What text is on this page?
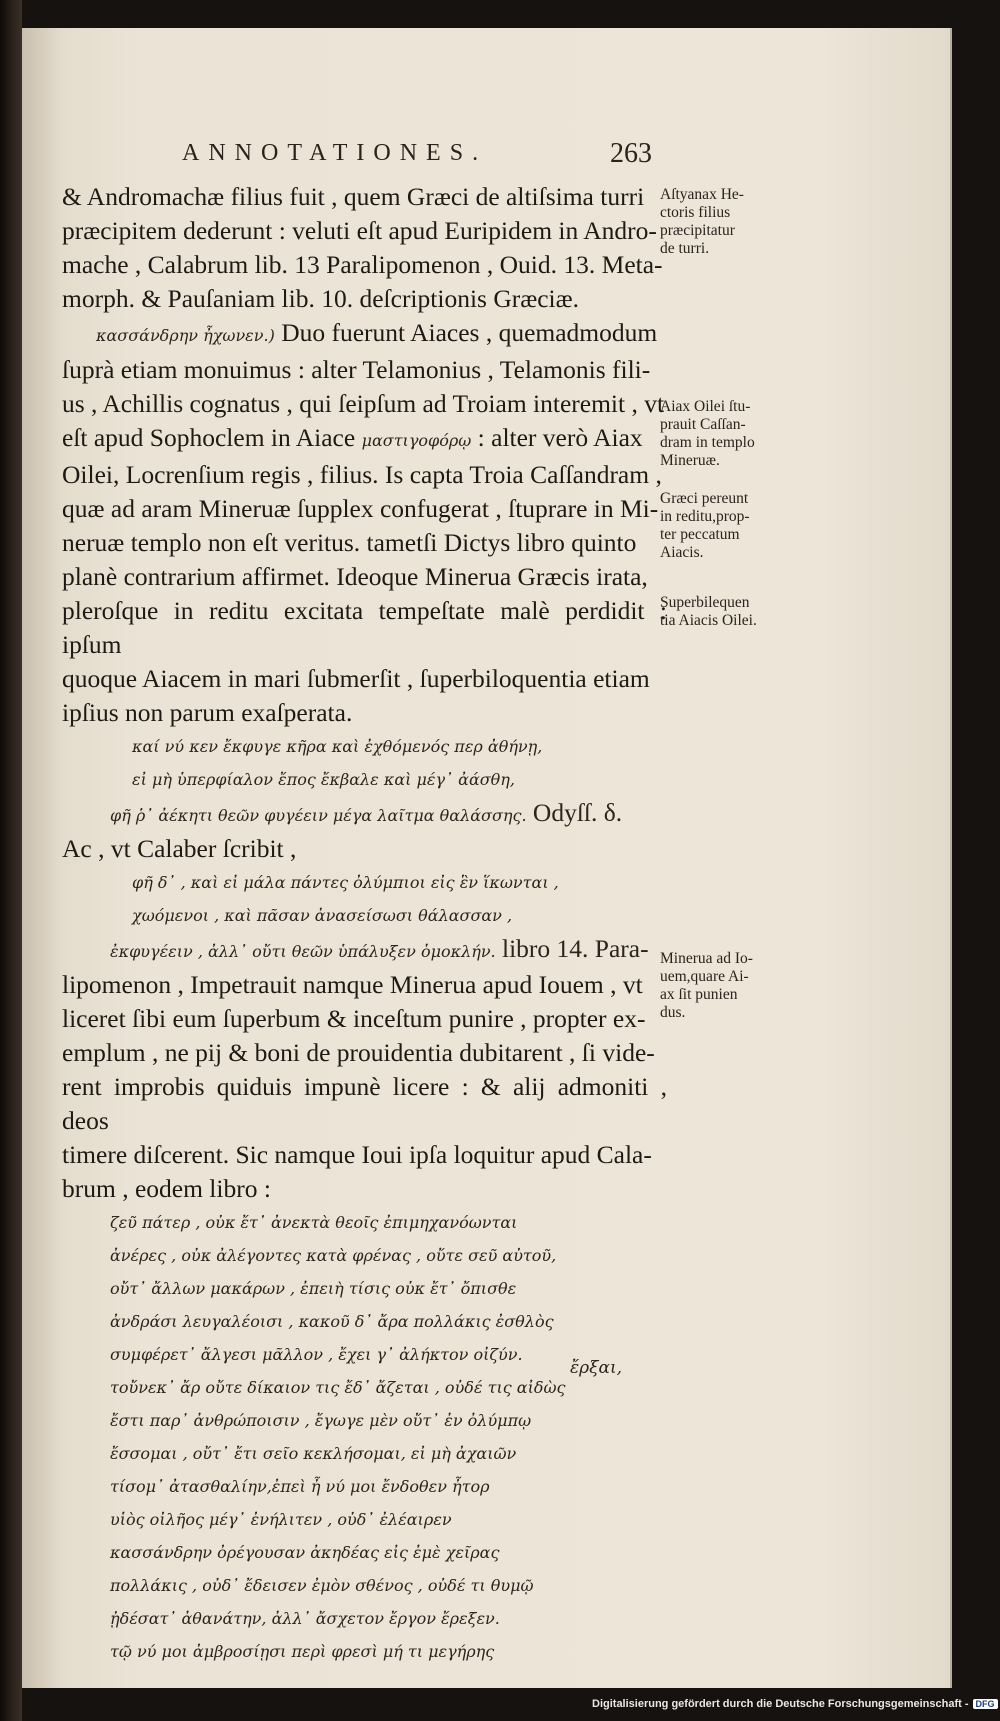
ANNOTATIONES.	263

& Andromachæ filius fuit , quem Græci de altiſsima turri

præcipitem dederunt : veluti eſt apud Euripidem in Andro-

mache , Calabrum lib. 13 Paralipomenon , Ouid. 13. Meta-

morph. & Pauſaniam lib. 10. deſcriptionis Græciæ.

κασσάνδρην ἦχωνεν.) Duo fuerunt Aiaces , quemadmodum

ſuprà etiam monuimus : alter Telamonius , Telamonis fili-

us , Achillis cognatus , qui ſeipſum ad Troiam interemit , vt

eſt apud Sophoclem in Aiace μαστιγοφόρῳ : alter verò Aiax

Oilei, Locrenſium regis , filius. Is capta Troia Caſſandram ,

quæ ad aram Mineruæ ſupplex confugerat , ſtuprare in Mi-

neruæ templo non eſt veritus. tametſi Dictys libro quinto

planè contrarium affirmet. Ideoque Minerua Græcis irata,

pleroſque in reditu excitata tempeſtate malè perdidit : ipſum

quoque Aiacem in mari ſubmerſit , ſuperbiloquentia etiam

ipſius non parum exaſperata.

καί νύ κεν ἔκφυγε κῆρα καὶ ἐχθόμενός περ ἀθήνῃ,

εἰ μὴ ὑπερφίαλον ἔπος ἔκβαλε καὶ μέγ᾽ ἀάσθη,

φῆ ῥ᾽ ἀέκητι θεῶν φυγέειν μέγα λαῖτμα θαλάσσης. Odyſſ. δ.

Ac , vt Calaber ſcribit ,

φῆ δ᾽ , καὶ εἰ μάλα πάντες ὀλύμπιοι εἰς ἓν ἵκωνται ,

χωόμενοι , καὶ πᾶσαν ἀνασείσωσι θάλασσαν ,

ἐκφυγέειν , ἀλλ᾽ οὔτι θεῶν ὑπάλυξεν ὁμοκλήν. libro 14. Para-

lipomenon , Impetrauit namque Minerua apud Iouem , vt

liceret ſibi eum ſuperbum & inceſtum punire , propter ex-

emplum , ne pij & boni de prouidentia dubitarent , ſi vide-

rent improbis quiduis impunè licere : & alij admoniti , deos

timere diſcerent. Sic namque Ioui ipſa loquitur apud Cala-

brum , eodem libro :

ζεῦ πάτερ , οὐκ ἔτ᾽ ἀνεκτὰ θεοῖς ἐπιμηχανόωνται

ἀνέρες , οὐκ ἀλέγοντες κατὰ φρένας , οὔτε σεῦ αὐτοῦ,

οὔτ᾽ ἄλλων μακάρων , ἐπειὴ τίσις οὐκ ἔτ᾽ ὄπισθε

ἀνδράσι λευγαλέοισι , κακοῦ δ᾽ ἄρα πολλάκις ἐσθλὸς

συμφέρετ᾽ ἄλγεσι μᾶλλον , ἔχει γ᾽ ἀλήκτον οἰζύν.

τοὔνεκ᾽ ἄρ οὔτε δίκαιον τις ἔδ᾽ ἄζεται , οὐδέ τις αἰδὼς

ἔστι παρ᾽ ἀνθρώποισιν , ἔγωγε μὲν οὔτ᾽ ἐν ὀλύμπῳ

ἔσσομαι , οὔτ᾽ ἔτι σεῖο κεκλήσομαι, εἰ μὴ ἀχαιῶν

τίσομ᾽ ἀτασθαλίην,ἐπεὶ ἦ νύ μοι ἔνδοθεν ἦτορ

υἱὸς οἰλῆος μέγ᾽ ἐνήλιτεν , οὐδ᾽ ἐλέαιρεν

κασσάνδρην ὀρέγουσαν ἀκηδέας εἰς ἐμὲ χεῖρας

πολλάκις , οὐδ᾽ ἔδεισεν ἐμὸν σθένος , οὐδέ τι θυμῷ

ᾐδέσατ᾽ ἀθανάτην, ἀλλ᾽ ἄσχετον ἔργον ἔρεξεν.

τῷ νύ μοι ἀμβροσίῃσι περὶ φρεσὶ μή τι μεγήρης

ἔρξαι,
Aſtyanax He-
ctoris filius
præcipitatur
de turri.
Aiax Oilei ſtu-
prauit Caſſan-
dram in templo
Mineruæ.
Græci pereunt
in reditu,prop-
ter peccatum
Aiacis.
Superbilequen
tia Aiacis Oilei.
Minerua ad Io-
uem,quare Ai-
ax ſit punien
dus.
Digitalisierung gefördert durch die Deutsche Forschungsgemeinschaft - DFG
